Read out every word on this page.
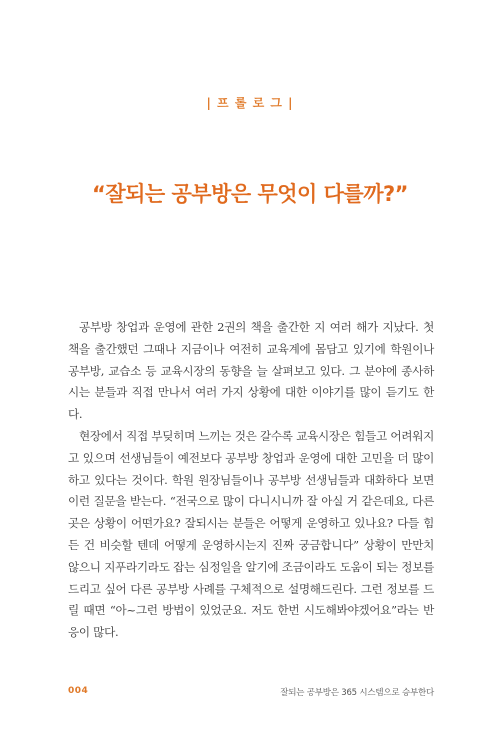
| 프 롤 로 그 |
“잘되는 공부방은 무엇이 다를까?”

공부방 창업과 운영에 관한 2권의 책을 출간한 지 여러 해가 지났다. 첫 책을 출간했던 그때나 지금이나 여전히 교육계에 몸담고 있기에 학원이나 공부방, 교습소 등 교육시장의 동향을 늘 살펴보고 있다. 그 분야에 종사하시는 분들과 직접 만나서 여러 가지 상황에 대한 이야기를 많이 듣기도 한다.

현장에서 직접 부딪히며 느끼는 것은 갈수록 교육시장은 힘들고 어려워지고 있으며 선생님들이 예전보다 공부방 창업과 운영에 대한 고민을 더 많이 하고 있다는 것이다. 학원 원장님들이나 공부방 선생님들과 대화하다 보면 이런 질문을 받는다. “전국으로 많이 다니시니까 잘 아실 거 같은데요, 다른 곳은 상황이 어떤가요? 잘되시는 분들은 어떻게 운영하고 있나요? 다들 힘든 건 비슷할 텐데 어떻게 운영하시는지 진짜 궁금합니다” 상황이 만만치 않으니 지푸라기라도 잡는 심정일을 알기에 조금이라도 도움이 되는 정보를 드리고 싶어 다른 공부방 사례를 구체적으로 설명해드린다. 그런 정보를 드릴 때면 “아~그런 방법이 있었군요. 저도 한번 시도해봐야겠어요”라는 반응이 많다.

004	잘되는 공부방은 365 시스템으로 승부한다
